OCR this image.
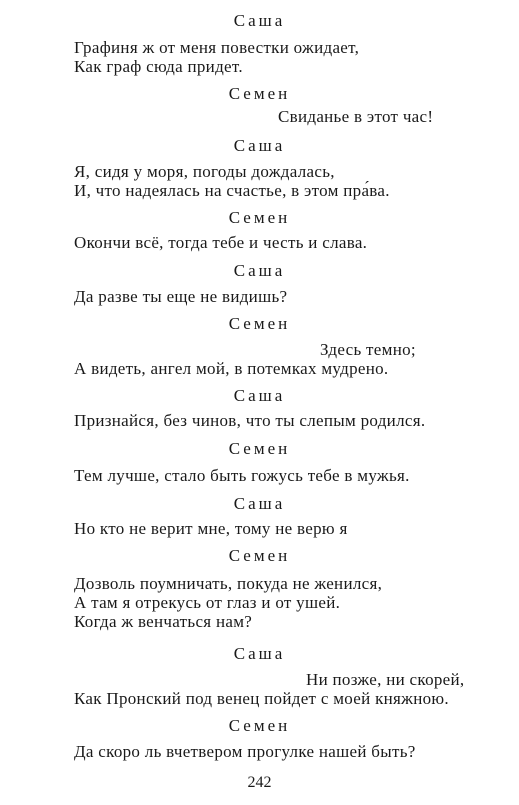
Саша
Графиня ж от меня повестки ожидает,
Как граф сюда придет.
Семен
Свиданье в этот час!
Саша
Я, сидя у моря, погоды дождалась,
И, что надеялась на счастье, в этом пра́ва.
Семен
Окончи всё, тогда тебе и честь и слава.
Саша
Да разве ты еще не видишь?
Семен
Здесь темно;
А видеть, ангел мой, в потемках мудрено.
Саша
Признайся, без чинов, что ты слепым родился.
Семен
Тем лучше, стало быть гожусь тебе в мужья.
Саша
Но кто не верит мне, тому не верю я
Семен
Дозволь поумничать, покуда не женился,
А там я отрекусь от глаз и от ушей.
Когда ж венчаться нам?
Саша
Ни позже, ни скорей,
Как Пронский под венец пойдет с моей княжною.
Семен
Да скоро ль вчетвером прогулке нашей быть?
242
